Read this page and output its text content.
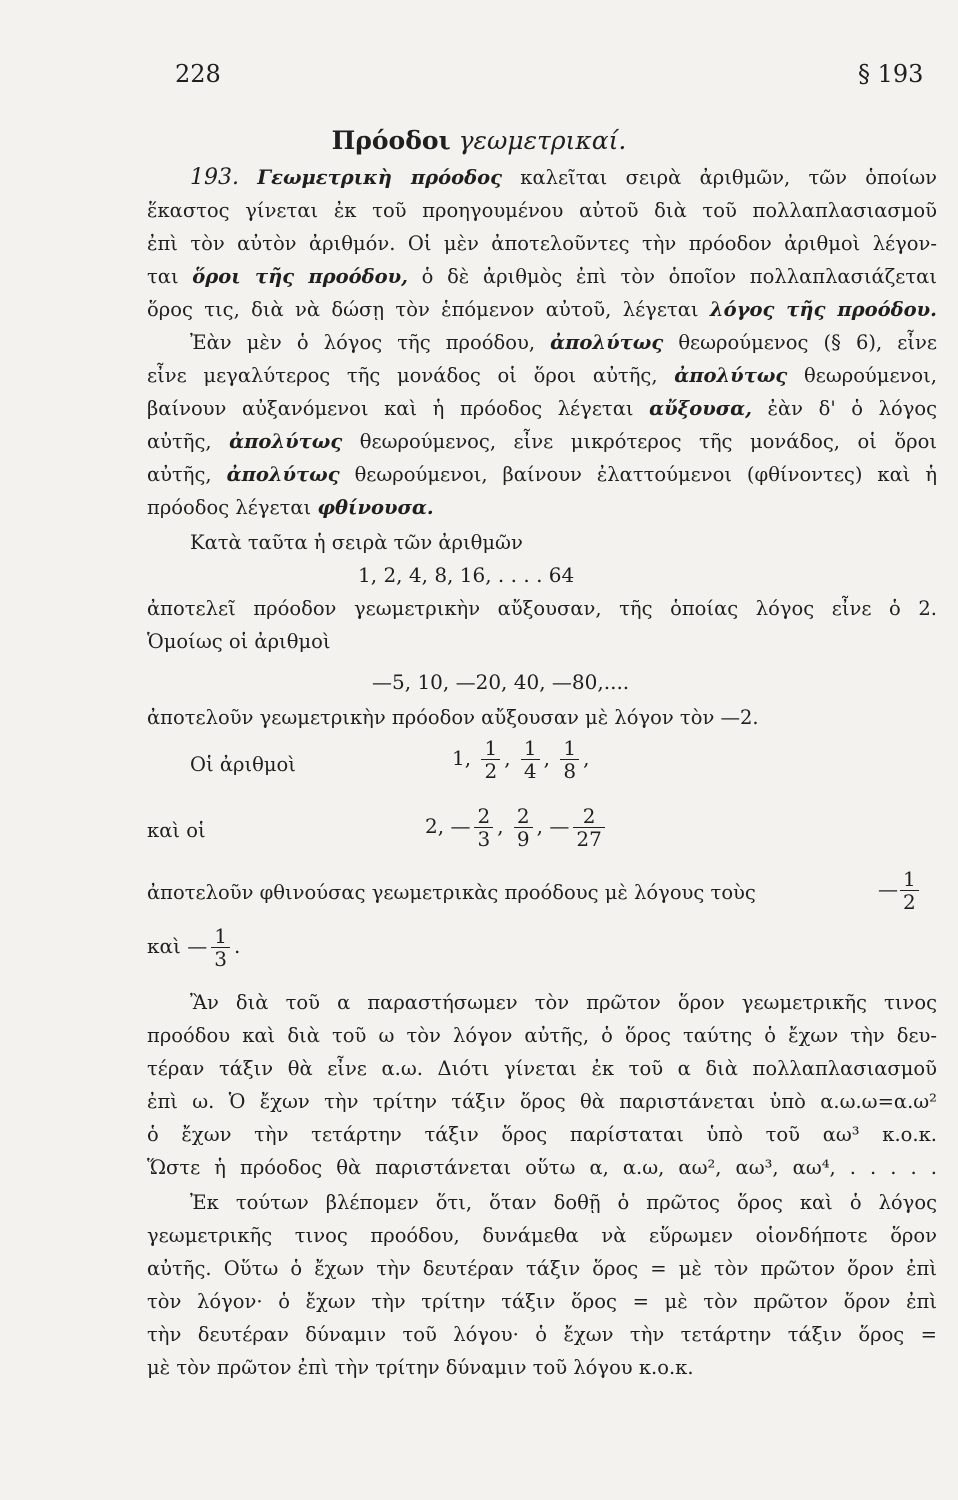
228	§ 193
Πρόοδοι γεωμετρικαί.
193. Γεωμετρικὴ πρόοδος καλεῖται σειρὰ ἀριθμῶν, τῶν ὁποίων
ἕκαστος γίνεται ἐκ τοῦ προηγουμένου αὐτοῦ διὰ τοῦ πολλαπλασιασμοῦ
ἐπὶ τὸν αὐτὸν ἀριθμόν. Οἱ μὲν ἀποτελοῦντες τὴν πρόοδον ἀριθμοὶ λέγον-
ται ὅροι τῆς προόδου, ὁ δὲ ἀριθμὸς ἐπὶ τὸν ὁποῖον πολλαπλασιάζεται
ὅρος τις, διὰ νὰ δώσῃ τὸν ἑπόμενον αὐτοῦ, λέγεται λόγος τῆς προόδου.
Ἐὰν μὲν ὁ λόγος τῆς προόδου, ἀπολύτως θεωρούμενος (§ 6), εἶνε
εἶνε μεγαλύτερος τῆς μονάδος οἱ ὅροι αὐτῆς, ἀπολύτως θεωρούμενοι,
βαίνουν αὐξανόμενοι καὶ ἡ πρόοδος λέγεται αὔξουσα, ἐὰν δ' ὁ λόγος
αὐτῆς, ἀπολύτως θεωρούμενος, εἶνε μικρότερος τῆς μονάδος, οἱ ὅροι
αὐτῆς, ἀπολύτως θεωρούμενοι, βαίνουν ἐλαττούμενοι (φθίνοντες) καὶ ἡ
πρόοδος λέγεται φθίνουσα.
Κατὰ ταῦτα ἡ σειρὰ τῶν ἀριθμῶν
1, 2, 4, 8, 16, . . . . 64
ἀποτελεῖ πρόοδον γεωμετρικὴν αὔξουσαν, τῆς ὁποίας λόγος εἶνε ὁ 2.
Ὁμοίως οἱ ἀριθμοὶ
—5, 10, —20, 40, —80,....
ἀποτελοῦν γεωμετρικὴν πρόοδον αὔξουσαν μὲ λόγον τὸν —2.
Οἱ ἀριθμοὶ	1, $\frac{1}{2}$ , $\frac{1}{4}$ , $\frac{1}{8}$ ,
καὶ οἱ	2, — $\frac{2}{3}$ , $\frac{2}{9}$ , — $\frac{2}{27}$
ἀποτελοῦν φθινούσας γεωμετρικὰς προόδους μὲ λόγους τοὺς	— $\frac{1}{2}$
καὶ — $\frac{1}{3}$ .
Ἂν διὰ τοῦ α παραστήσωμεν τὸν πρῶτον ὅρον γεωμετρικῆς τινος
προόδου καὶ διὰ τοῦ ω τὸν λόγον αὐτῆς, ὁ ὅρος ταύτης ὁ ἔχων τὴν δευ-
τέραν τάξιν θὰ εἶνε α.ω. Διότι γίνεται ἐκ τοῦ α διὰ πολλαπλασιασμοῦ
ἐπὶ ω. Ὁ ἔχων τὴν τρίτην τάξιν ὅρος θὰ παριστάνεται ὑπὸ α.ω.ω=α.ω²
ὁ ἔχων τὴν τετάρτην τάξιν ὅρος παρίσταται ὑπὸ τοῦ αω³ κ.ο.κ.
Ὥστε ἡ πρόοδος θὰ παριστάνεται οὕτω α, α.ω, αω², αω³, αω⁴, . . . . .
Ἐκ τούτων βλέπομεν ὅτι, ὅταν δοθῇ ὁ πρῶτος ὅρος καὶ ὁ λόγος
γεωμετρικῆς τινος προόδου, δυνάμεθα νὰ εὕρωμεν οἱονδήποτε ὅρον
αὐτῆς. Οὕτω ὁ ἔχων τὴν δευτέραν τάξιν ὅρος = μὲ τὸν πρῶτον ὅρον ἐπὶ
τὸν λόγον· ὁ ἔχων τὴν τρίτην τάξιν ὅρος = μὲ τὸν πρῶτον ὅρον ἐπὶ
τὴν δευτέραν δύναμιν τοῦ λόγου· ὁ ἔχων τὴν τετάρτην τάξιν ὅρος =
μὲ τὸν πρῶτον ἐπὶ τὴν τρίτην δύναμιν τοῦ λόγου κ.ο.κ.
